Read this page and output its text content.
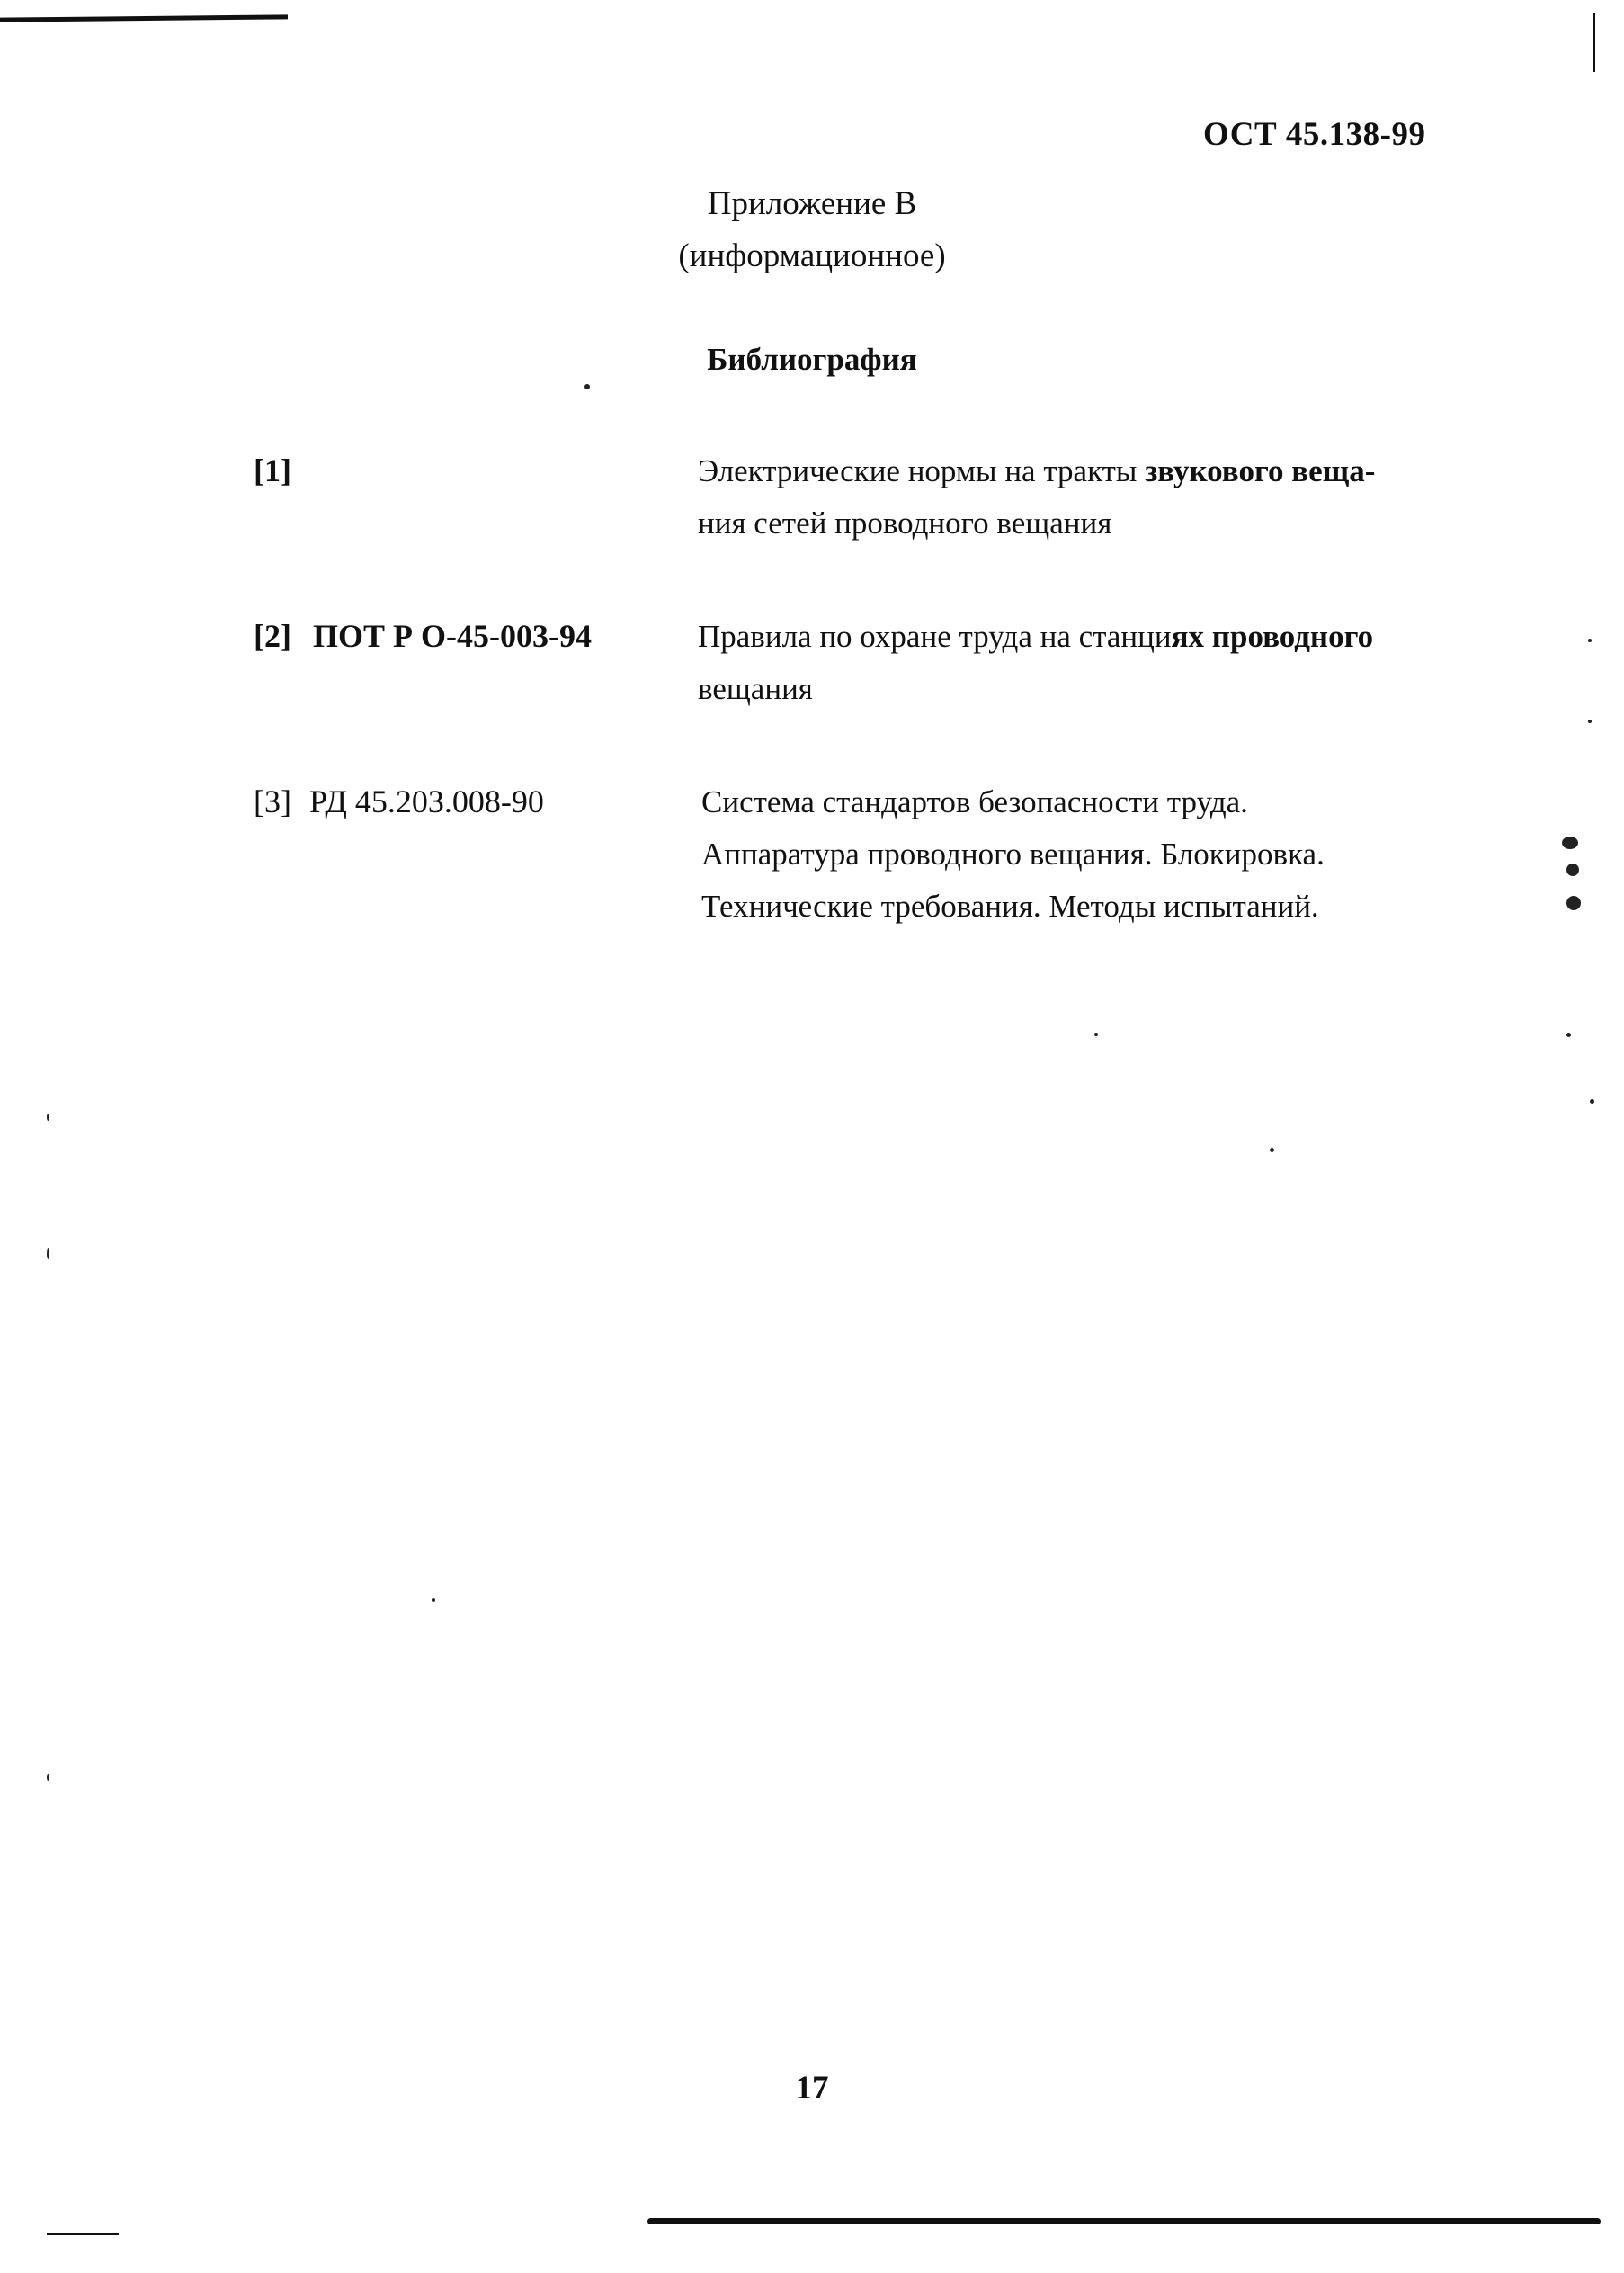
ОСТ 45.138-99
Приложение В
(информационное)
Библиография
[1]	Электрические нормы на тракты звукового веща-
ния сетей проводного вещания
[2] ПОТ Р О-45-003-94	Правила по охране труда на станциях проводного
вещания
[3] РД 45.203.008-90	Система стандартов безопасности труда.
Аппаратура проводного вещания. Блокировка.
Технические требования. Методы испытаний.
17
